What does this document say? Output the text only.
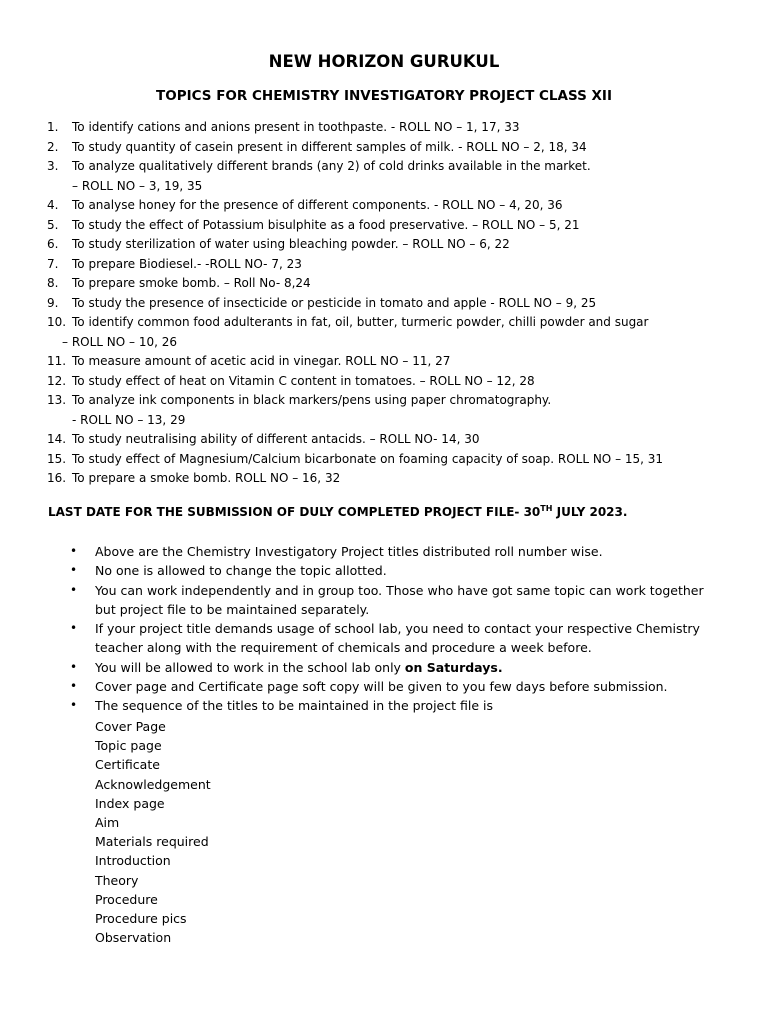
NEW HORIZON GURUKUL
TOPICS FOR CHEMISTRY INVESTIGATORY PROJECT CLASS XII
1. To identify cations and anions present in toothpaste. - ROLL NO – 1, 17, 33
2. To study quantity of casein present in different samples of milk. - ROLL NO – 2, 18, 34
3. To analyze qualitatively different brands (any 2) of cold drinks available in the market.
– ROLL NO – 3, 19, 35
4. To analyse honey for the presence of different components. - ROLL NO – 4, 20, 36
5. To study the effect of Potassium bisulphite as a food preservative. – ROLL NO – 5, 21
6. To study sterilization of water using bleaching powder. – ROLL NO – 6, 22
7. To prepare Biodiesel.- -ROLL NO- 7, 23
8. To prepare smoke bomb. – Roll No- 8,24
9. To study the presence of insecticide or pesticide in tomato and apple - ROLL NO – 9, 25
10. To identify common food adulterants in fat, oil, butter, turmeric powder, chilli powder and sugar
– ROLL NO – 10, 26
11. To measure amount of acetic acid in vinegar. ROLL NO – 11, 27
12. To study effect of heat on Vitamin C content in tomatoes. – ROLL NO – 12, 28
13. To analyze ink components in black markers/pens using paper chromatography.
- ROLL NO – 13, 29
14. To study neutralising ability of different antacids. – ROLL NO- 14, 30
15. To study effect of Magnesium/Calcium bicarbonate on foaming capacity of soap. ROLL NO – 15, 31
16. To prepare a smoke bomb. ROLL NO – 16, 32

LAST DATE FOR THE SUBMISSION OF DULY COMPLETED PROJECT FILE- 30TH JULY 2023.

• Above are the Chemistry Investigatory Project titles distributed roll number wise.
• No one is allowed to change the topic allotted.
• You can work independently and in group too. Those who have got same topic can work together
but project file to be maintained separately.
• If your project title demands usage of school lab, you need to contact your respective Chemistry
teacher along with the requirement of chemicals and procedure a week before.
• You will be allowed to work in the school lab only on Saturdays.
• Cover page and Certificate page soft copy will be given to you few days before submission.
• The sequence of the titles to be maintained in the project file is
Cover Page
Topic page
Certificate
Acknowledgement
Index page
Aim
Materials required
Introduction
Theory
Procedure
Procedure pics
Observation
